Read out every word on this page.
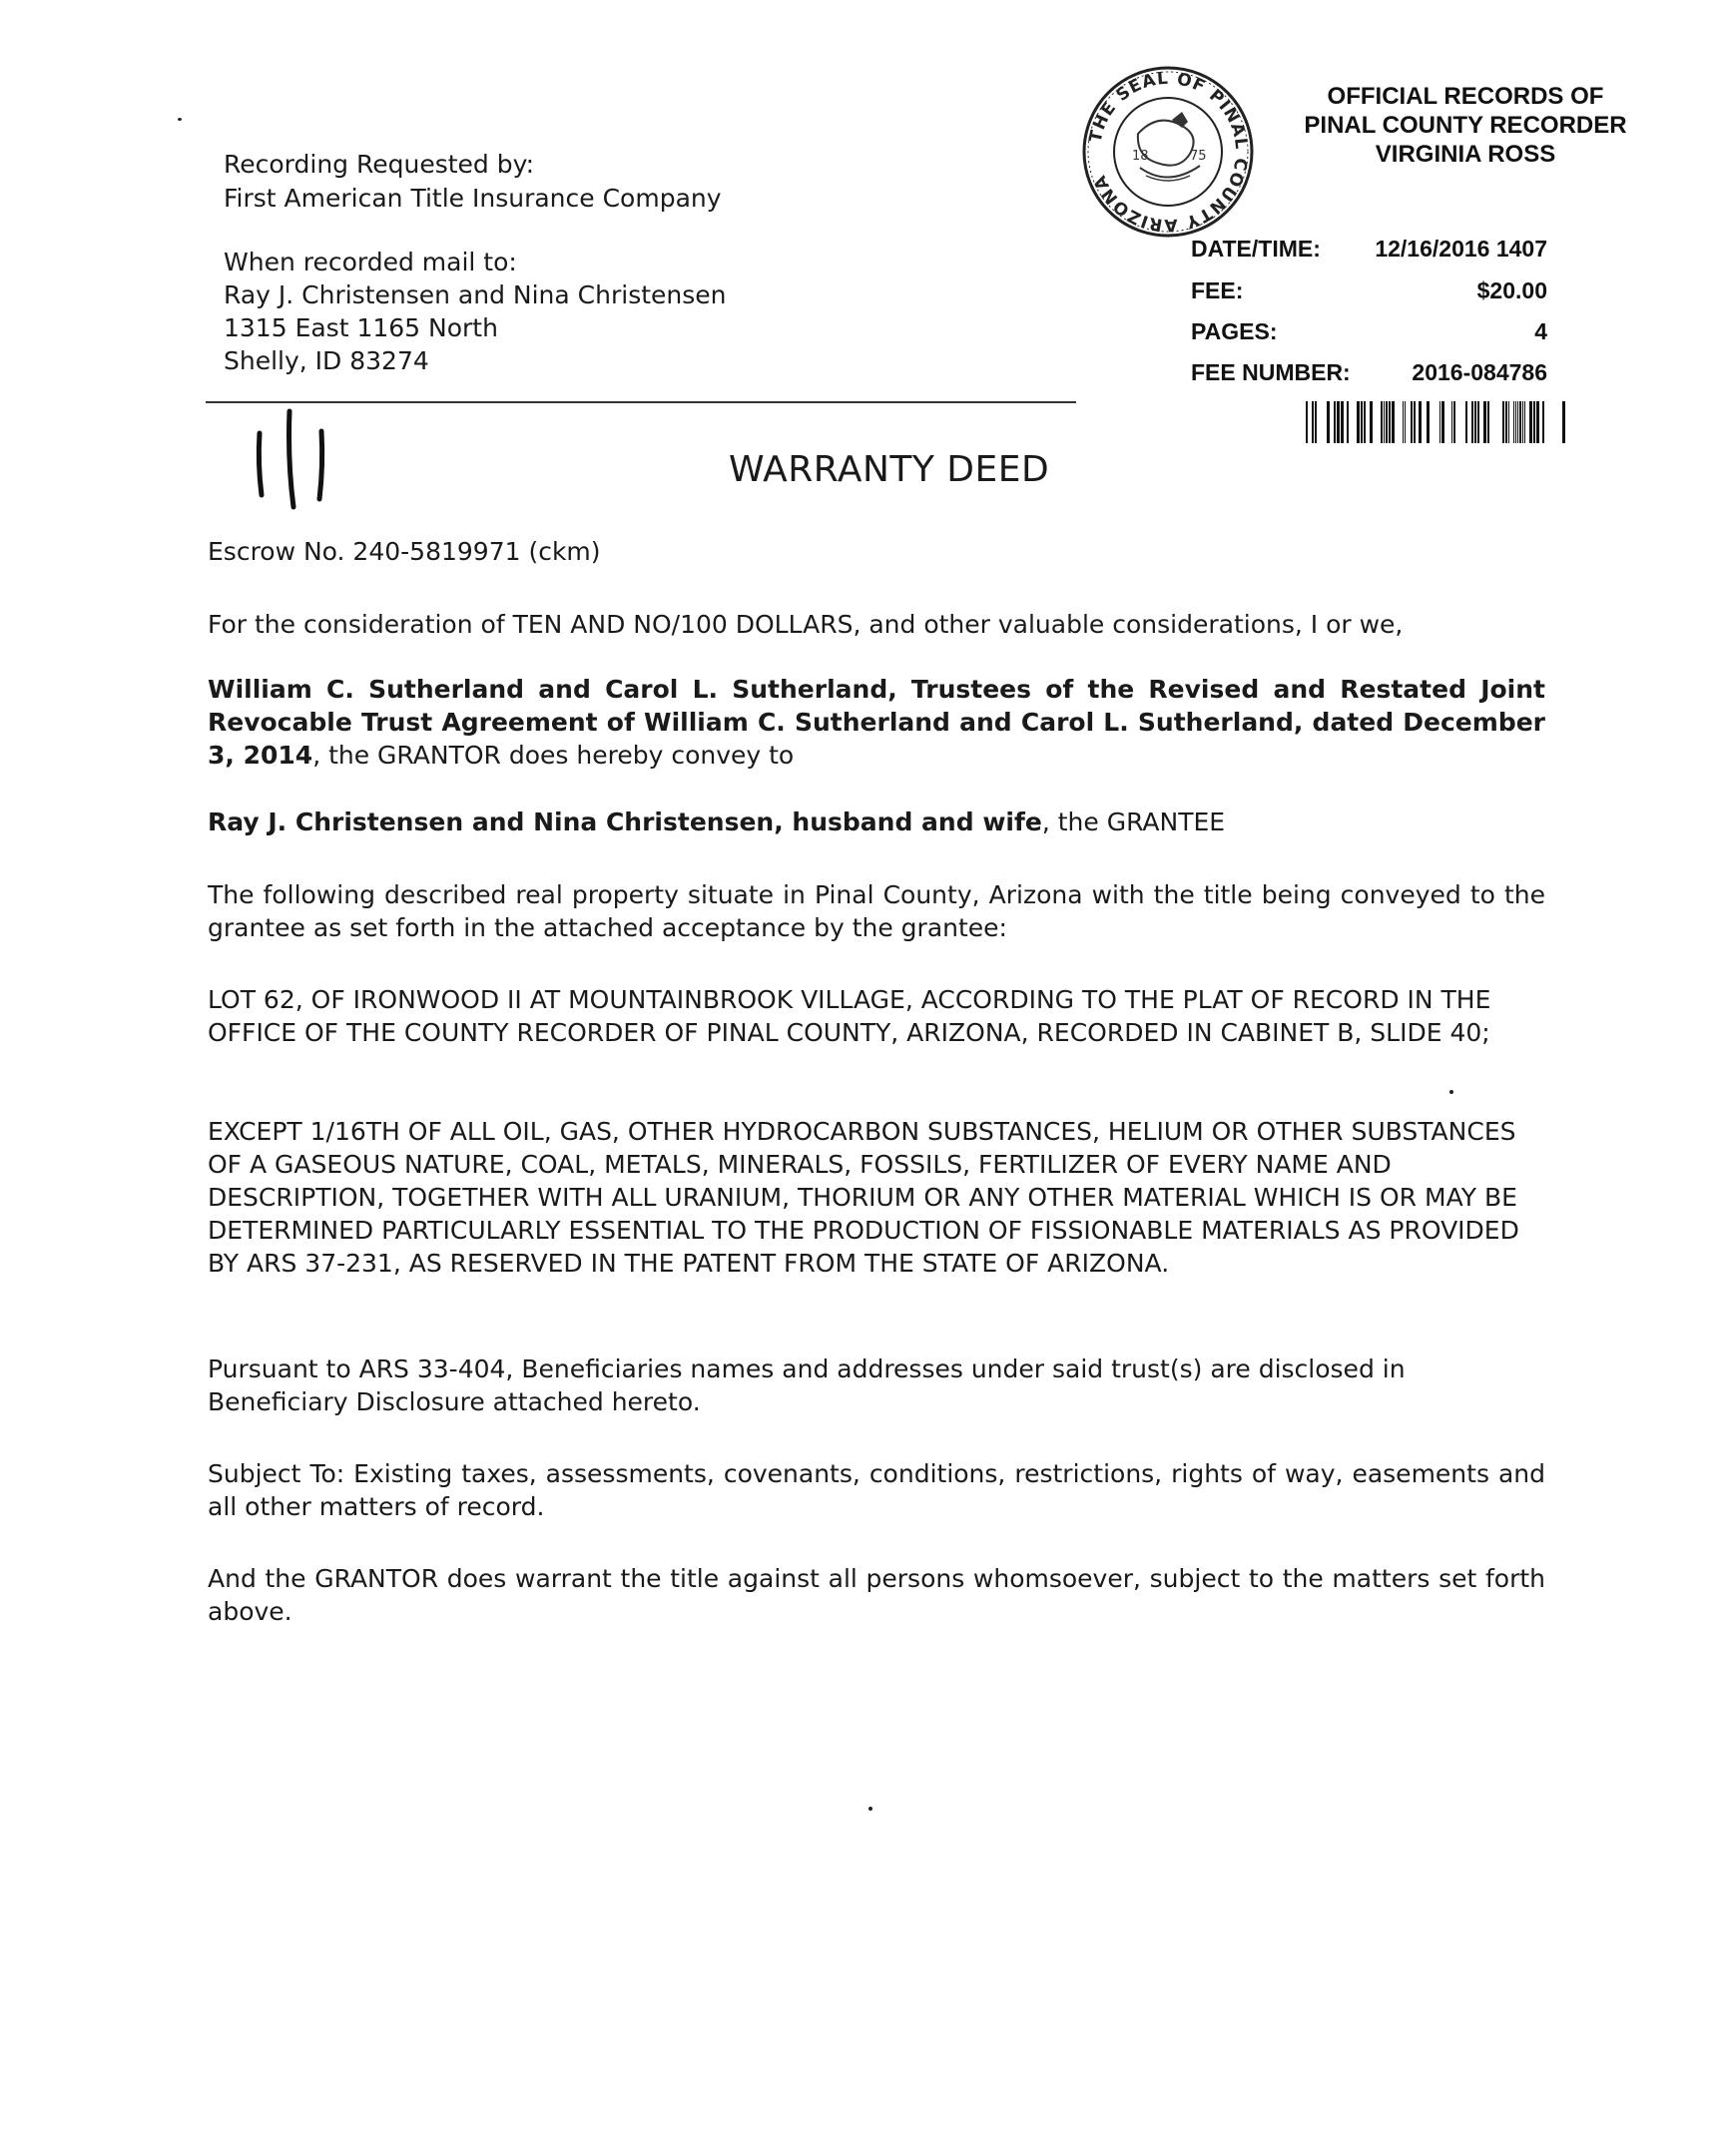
Recording Requested by:
First American Title Insurance Company
When recorded mail to:
Ray J. Christensen and Nina Christensen
1315 East 1165 North
Shelly, ID 83274
THE SEAL OF PINAL COUNTY ARIZONA
18	75
OFFICIAL RECORDS OF
PINAL COUNTY RECORDER
VIRGINIA ROSS
DATE/TIME: 12/16/2016 1407
FEE:	$20.00
PAGES:	4
FEE NUMBER:	2016-084786
WARRANTY DEED
Escrow No. 240-5819971 (ckm)
For the consideration of TEN AND NO/100 DOLLARS, and other valuable considerations, I or we,
William C. Sutherland and Carol L. Sutherland, Trustees of the Revised and Restated Joint Revocable Trust Agreement of William C. Sutherland and Carol L. Sutherland, dated December 3, 2014, the GRANTOR does hereby convey to
Ray J. Christensen and Nina Christensen, husband and wife, the GRANTEE
The following described real property situate in Pinal County, Arizona with the title being conveyed to the grantee as set forth in the attached acceptance by the grantee:
LOT 62, OF IRONWOOD II AT MOUNTAINBROOK VILLAGE, ACCORDING TO THE PLAT OF RECORD IN THE OFFICE OF THE COUNTY RECORDER OF PINAL COUNTY, ARIZONA, RECORDED IN CABINET B, SLIDE 40;
EXCEPT 1/16TH OF ALL OIL, GAS, OTHER HYDROCARBON SUBSTANCES, HELIUM OR OTHER SUBSTANCES OF A GASEOUS NATURE, COAL, METALS, MINERALS, FOSSILS, FERTILIZER OF EVERY NAME AND DESCRIPTION, TOGETHER WITH ALL URANIUM, THORIUM OR ANY OTHER MATERIAL WHICH IS OR MAY BE DETERMINED PARTICULARLY ESSENTIAL TO THE PRODUCTION OF FISSIONABLE MATERIALS AS PROVIDED BY ARS 37-231, AS RESERVED IN THE PATENT FROM THE STATE OF ARIZONA.
Pursuant to ARS 33-404, Beneficiaries names and addresses under said trust(s) are disclosed in Beneficiary Disclosure attached hereto.
Subject To: Existing taxes, assessments, covenants, conditions, restrictions, rights of way, easements and all other matters of record.
And the GRANTOR does warrant the title against all persons whomsoever, subject to the matters set forth above.
